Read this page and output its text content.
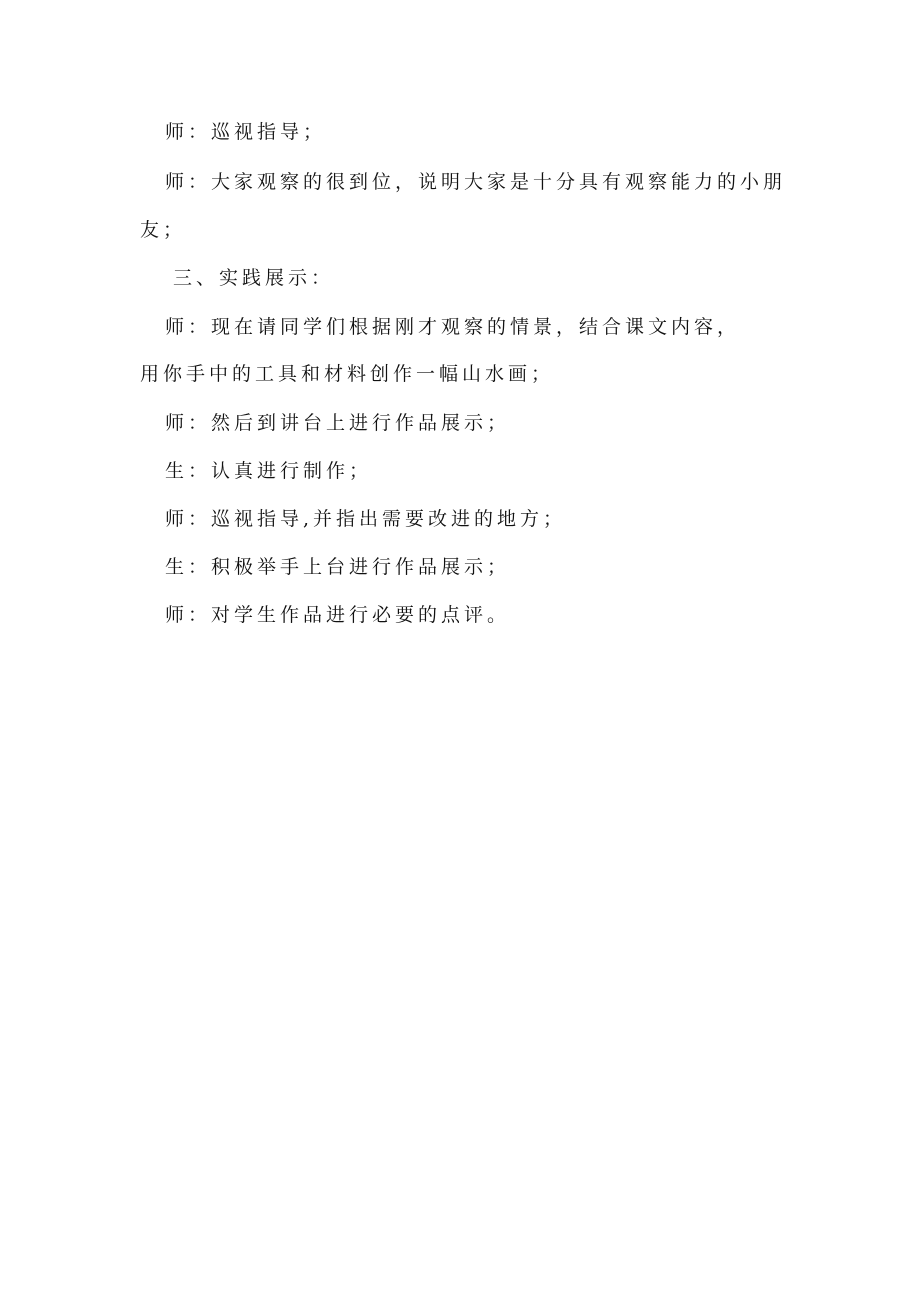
师：巡视指导；
师：大家观察的很到位，说明大家是十分具有观察能力的小朋
友；
三、实践展示：
师：现在请同学们根据刚才观察的情景，结合课文内容，
用你手中的工具和材料创作一幅山水画；
师：然后到讲台上进行作品展示；
生：认真进行制作；
师：巡视指导,并指出需要改进的地方；
生：积极举手上台进行作品展示；
师：对学生作品进行必要的点评。
